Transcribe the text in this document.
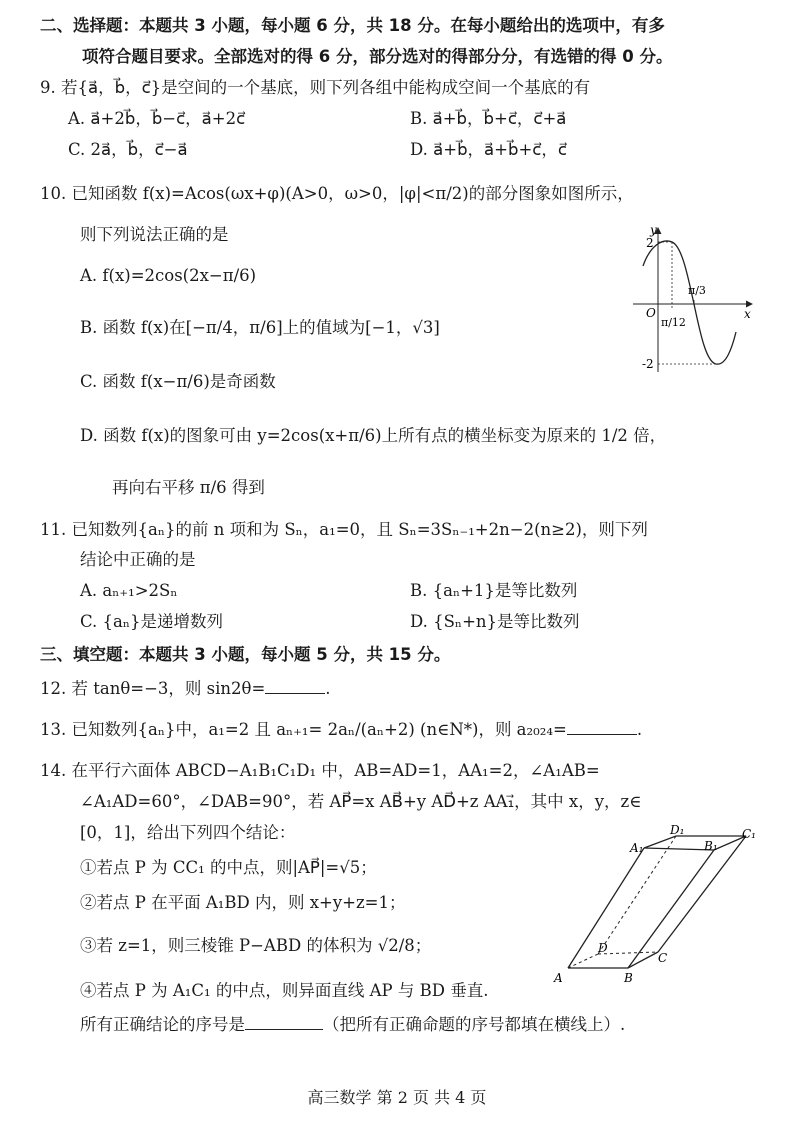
二、选择题：本题共 3 小题，每小题 6 分，共 18 分。在每小题给出的选项中，有多
项符合题目要求。全部选对的得 6 分，部分选对的得部分分，有选错的得 0 分。
9. 若{a⃗，b⃗，c⃗}是空间的一个基底，则下列各组中能构成空间一个基底的有
A. a⃗+2b⃗，b⃗−c⃗，a⃗+2c⃗	B. a⃗+b⃗，b⃗+c⃗，c⃗+a⃗
C. 2a⃗，b⃗，c⃗−a⃗	D. a⃗+b⃗，a⃗+b⃗+c⃗，c⃗
10. 已知函数 f(x)=Acos(ωx+φ)(A>0，ω>0，|φ|<π/2)的部分图象如图所示，
则下列说法正确的是
A. f(x)=2cos(2x−π/6)
B. 函数 f(x)在[−π/4，π/6]上的值域为[−1，√3]
C. 函数 f(x−π/6)是奇函数
D. 函数 f(x)的图象可由 y=2cos(x+π/6)上所有点的横坐标变为原来的 1/2 倍，
再向右平移 π/6 得到
y
x
O
2
-2
π/12
π/3
11. 已知数列{aₙ}的前 n 项和为 Sₙ，a₁=0，且 Sₙ=3Sₙ₋₁+2n−2(n≥2)，则下列
结论中正确的是
A. aₙ₊₁>2Sₙ	B. {aₙ+1}是等比数列
C. {aₙ}是递增数列	D. {Sₙ+n}是等比数列
三、填空题：本题共 3 小题，每小题 5 分，共 15 分。
12. 若 tanθ=−3，则 sin2θ=	.
13. 已知数列{aₙ}中，a₁=2 且 aₙ₊₁= 2aₙ/(aₙ+2) (n∈N*)，则 a₂₀₂₄=	.
14. 在平行六面体 ABCD−A₁B₁C₁D₁ 中，AB=AD=1，AA₁=2，∠A₁AB=
∠A₁AD=60°，∠DAB=90°，若 AP⃗=x AB⃗+y AD⃗+z AA₁⃗，其中 x，y，z∈
[0，1]，给出下列四个结论：
①若点 P 为 CC₁ 的中点，则|AP⃗|=√5；
②若点 P 在平面 A₁BD 内，则 x+y+z=1；
③若 z=1，则三棱锥 P−ABD 的体积为 √2/8；
④若点 P 为 A₁C₁ 的中点，则异面直线 AP 与 BD 垂直.
所有正确结论的序号是	（把所有正确命题的序号都填在横线上）.
A	B
C
D
A₁	B₁
C₁
D₁
高三数学 第 2 页 共 4 页
